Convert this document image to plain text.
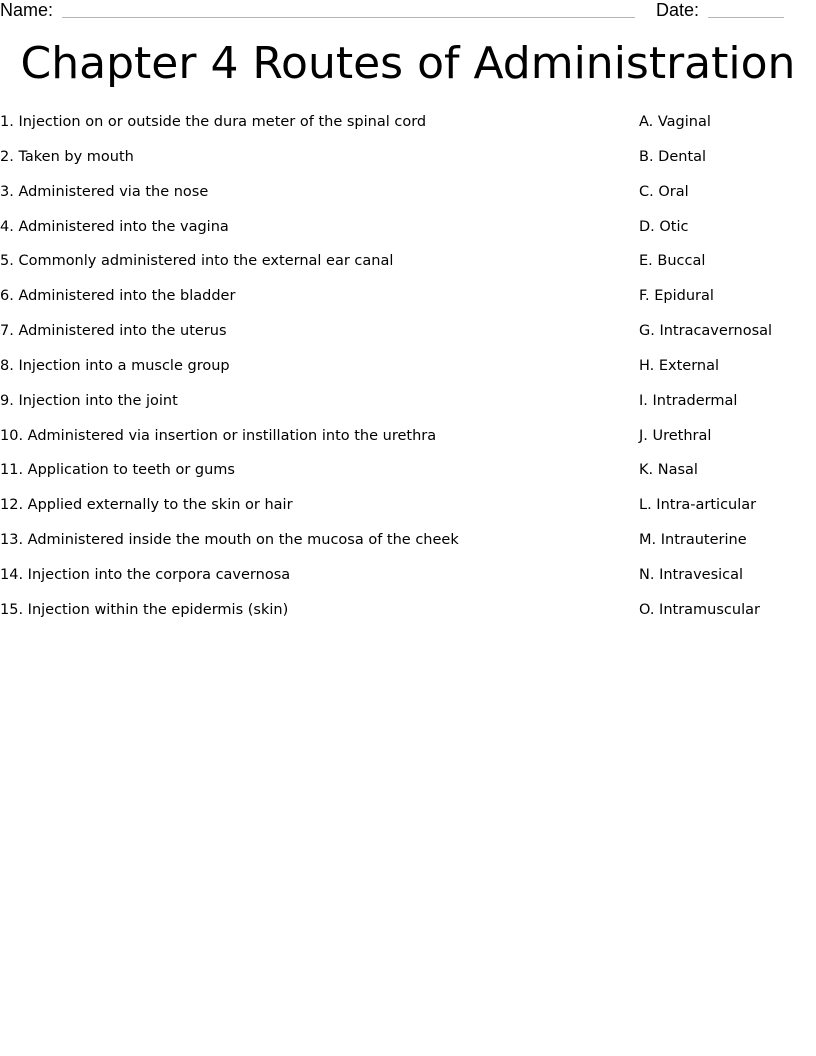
Name:	Date:
Chapter 4 Routes of Administration
1. Injection on or outside the dura meter of the spinal cord
2. Taken by mouth
3. Administered via the nose
4. Administered into the vagina
5. Commonly administered into the external ear canal
6. Administered into the bladder
7. Administered into the uterus
8. Injection into a muscle group
9. Injection into the joint
10. Administered via insertion or instillation into the urethra
11. Application to teeth or gums
12. Applied externally to the skin or hair
13. Administered inside the mouth on the mucosa of the cheek
14. Injection into the corpora cavernosa
15. Injection within the epidermis (skin)
A. Vaginal
B. Dental
C. Oral
D. Otic
E. Buccal
F. Epidural
G. Intracavernosal
H. External
I. Intradermal
J. Urethral
K. Nasal
L. Intra-articular
M. Intrauterine
N. Intravesical
O. Intramuscular
